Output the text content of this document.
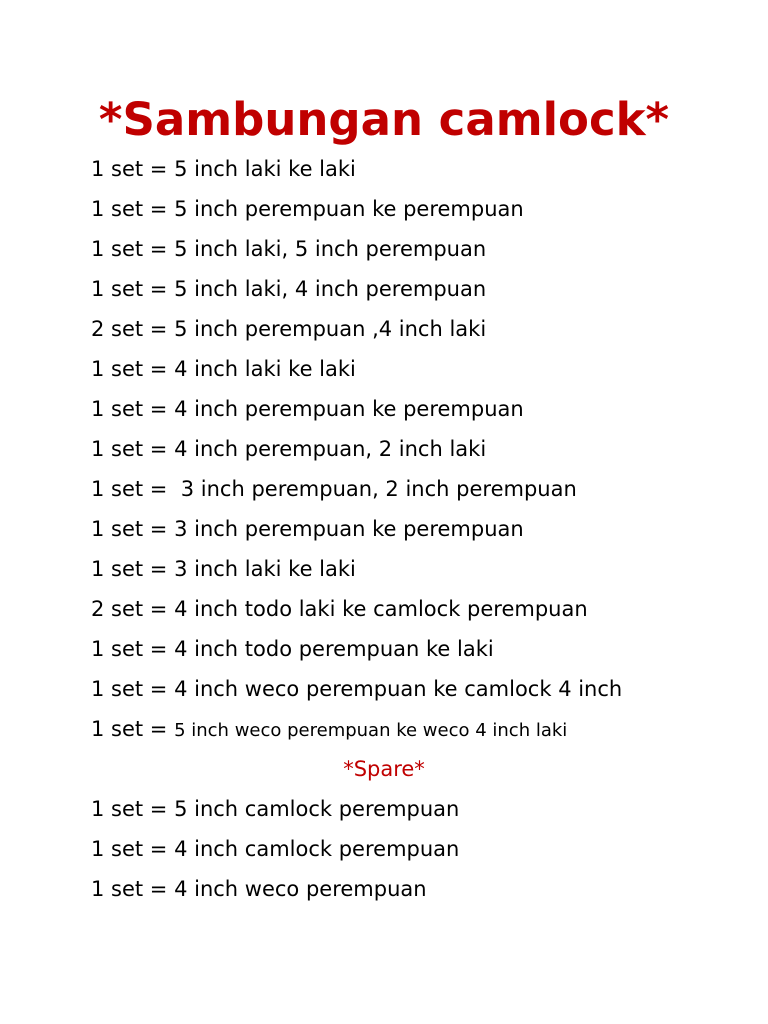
*Sambungan camlock*
1 set = 5 inch laki ke laki
1 set = 5 inch perempuan ke perempuan
1 set = 5 inch laki, 5 inch perempuan
1 set = 5 inch laki, 4 inch perempuan
2 set = 5 inch perempuan ,4 inch laki
1 set = 4 inch laki ke laki
1 set = 4 inch perempuan ke perempuan
1 set = 4 inch perempuan, 2 inch laki
1 set =  3 inch perempuan, 2 inch perempuan
1 set = 3 inch perempuan ke perempuan
1 set = 3 inch laki ke laki
2 set = 4 inch todo laki ke camlock perempuan
1 set = 4 inch todo perempuan ke laki
1 set = 4 inch weco perempuan ke camlock 4 inch
1 set = 5 inch weco perempuan ke weco 4 inch laki
*Spare*
1 set = 5 inch camlock perempuan
1 set = 4 inch camlock perempuan
1 set = 4 inch weco perempuan
